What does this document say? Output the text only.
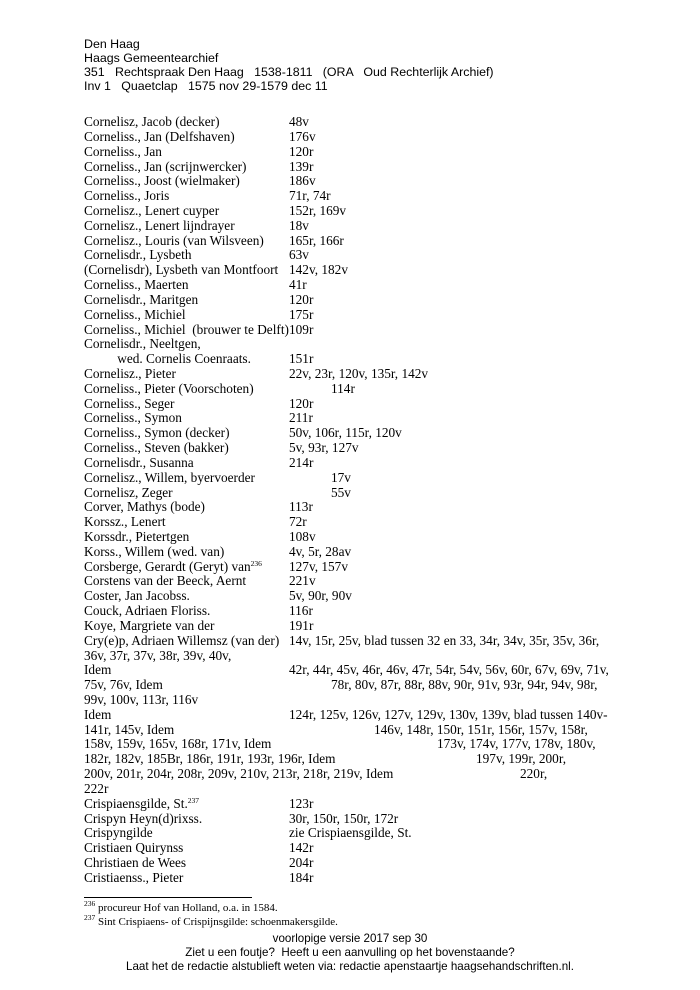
Den Haag
Haags Gemeentearchief
351   Rechtspraak Den Haag   1538-1811   (ORA   Oud Rechterlijk Archief)
Inv 1   Quaetclap   1575 nov 29-1579 dec 11
Cornelisz, Jacob (decker)	48v
Corneliss., Jan (Delfshaven)	176v
Corneliss., Jan	120r
Corneliss., Jan (scrijnwercker)	139r
Corneliss., Joost (wielmaker)	186v
Corneliss., Joris	71r, 74r
Cornelisz., Lenert cuyper	152r, 169v
Cornelisz., Lenert lijndrayer	18v
Cornelisz., Louris (van Wilsveen) 165r, 166r
Cornelisdr., Lysbeth	63v
(Cornelisdr), Lysbeth van Montfoort 142v, 182v
Corneliss., Maerten	41r
Cornelisdr., Maritgen	120r
Corneliss., Michiel	175r
Corneliss., Michiel  (brouwer te Delft) 109r
Cornelisdr., Neeltgen,
wed. Cornelis Coenraats.	151r
Cornelisz., Pieter	22v, 23r, 120v, 135r, 142v
Corneliss., Pieter (Voorschoten)	114r
Corneliss., Seger	120r
Corneliss., Symon	211r
Corneliss., Symon (decker)	50v, 106r, 115r, 120v
Corneliss., Steven (bakker)	5v, 93r, 127v
Cornelisdr., Susanna	214r
Cornelisz., Willem, byervoerder	17v
Cornelisz, Zeger	55v
Corver, Mathys (bode)	113r
Korssz., Lenert	72r
Korssdr., Pietertgen	108v
Korss., Willem (wed. van)	4v, 5r, 28av
Corsberge, Gerardt (Geryt) van$^{236}$ 127v, 157v
Corstens van der Beeck, Aernt	221v
Coster, Jan Jacobss.	5v, 90r, 90v
Couck, Adriaen Floriss.	116r
Koye, Margriete van der	191r
Cry(e)p, Adriaen Willemsz (van der) 14v, 15r, 25v, blad tussen 32 en 33, 34r, 34v, 35r, 35v, 36r,
36v, 37r, 37v, 38r, 39v, 40v,
Idem	42r, 44r, 45v, 46r, 46v, 47r, 54r, 54v, 56v, 60r, 67v, 69v, 71v,
75v, 76v, Idem	78r, 80v, 87r, 88r, 88v, 90r, 91v, 93r, 94r, 94v, 98r,
99v, 100v, 113r, 116v
Idem	124r, 125v, 126v, 127v, 129v, 130v, 139v, blad tussen 140v-
141r, 145v, Idem	146v, 148r, 150r, 151r, 156r, 157v, 158r,
158v, 159v, 165v, 168r, 171v, Idem	173v, 174v, 177v, 178v, 180v,
182r, 182v, 185Br, 186r, 191r, 193r, 196r, Idem	197v, 199r, 200r,
200v, 201r, 204r, 208r, 209v, 210v, 213r, 218r, 219v, Idem	220r,
222r
Crispiaensgilde, St.$^{237}$	123r
Crispyn Heyn(d)rixss.	30r, 150r, 150r, 172r
Crispyngilde	zie Crispiaensgilde, St.
Cristiaen Quirynss	142r
Christiaen de Wees	204r
Cristiaenss., Pieter	184r
$^{236}$ procureur Hof van Holland, o.a. in 1584.
$^{237}$ Sint Crispiaens- of Crispijnsgilde: schoenmakersgilde.
voorlopige versie 2017 sep 30
Ziet u een foutje?  Heeft u een aanvulling op het bovenstaande?
Laat het de redactie alstublieft weten via: redactie apenstaartje haagsehandschriften.nl.
